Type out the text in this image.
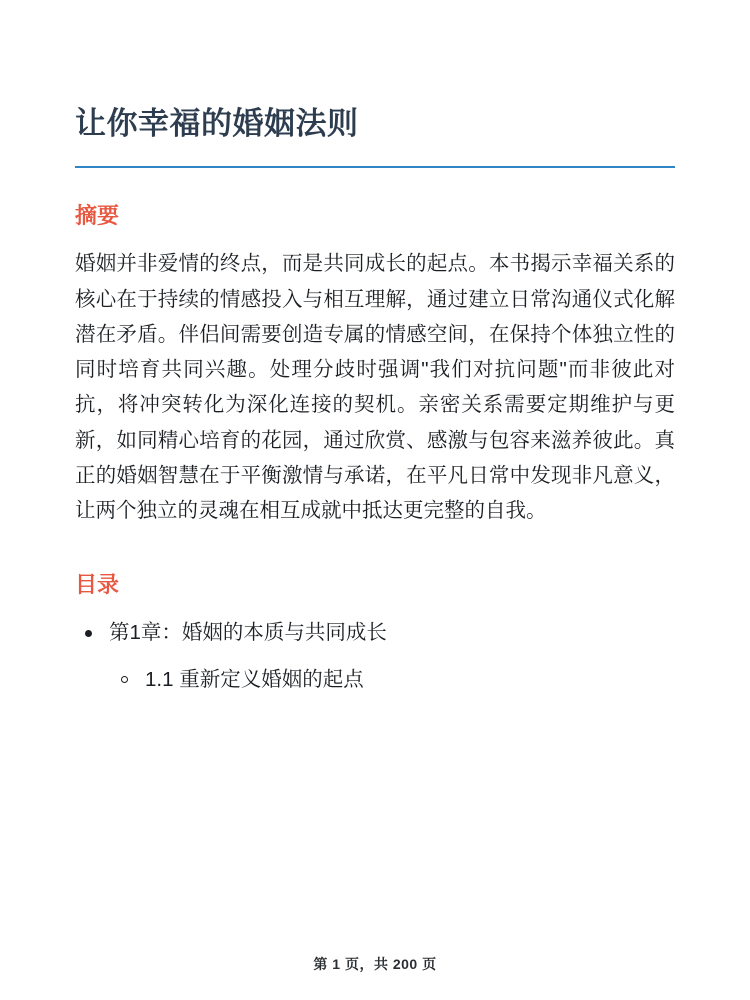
让你幸福的婚姻法则
摘要

婚姻并非爱情的终点，而是共同成长的起点。本书揭示幸福关系的核心在于持续的情感投入与相互理解，通过建立日常沟通仪式化解潜在矛盾。伴侣间需要创造专属的情感空间，在保持个体独立性的同时培育共同兴趣。处理分歧时强调"我们对抗问题"而非彼此对抗，将冲突转化为深化连接的契机。亲密关系需要定期维护与更新，如同精心培育的花园，通过欣赏、感激与包容来滋养彼此。真正的婚姻智慧在于平衡激情与承诺，在平凡日常中发现非凡意义，让两个独立的灵魂在相互成就中抵达更完整的自我。

目录
第1章：婚姻的本质与共同成长
1.1 重新定义婚姻的起点
第 1 页，共 200 页
